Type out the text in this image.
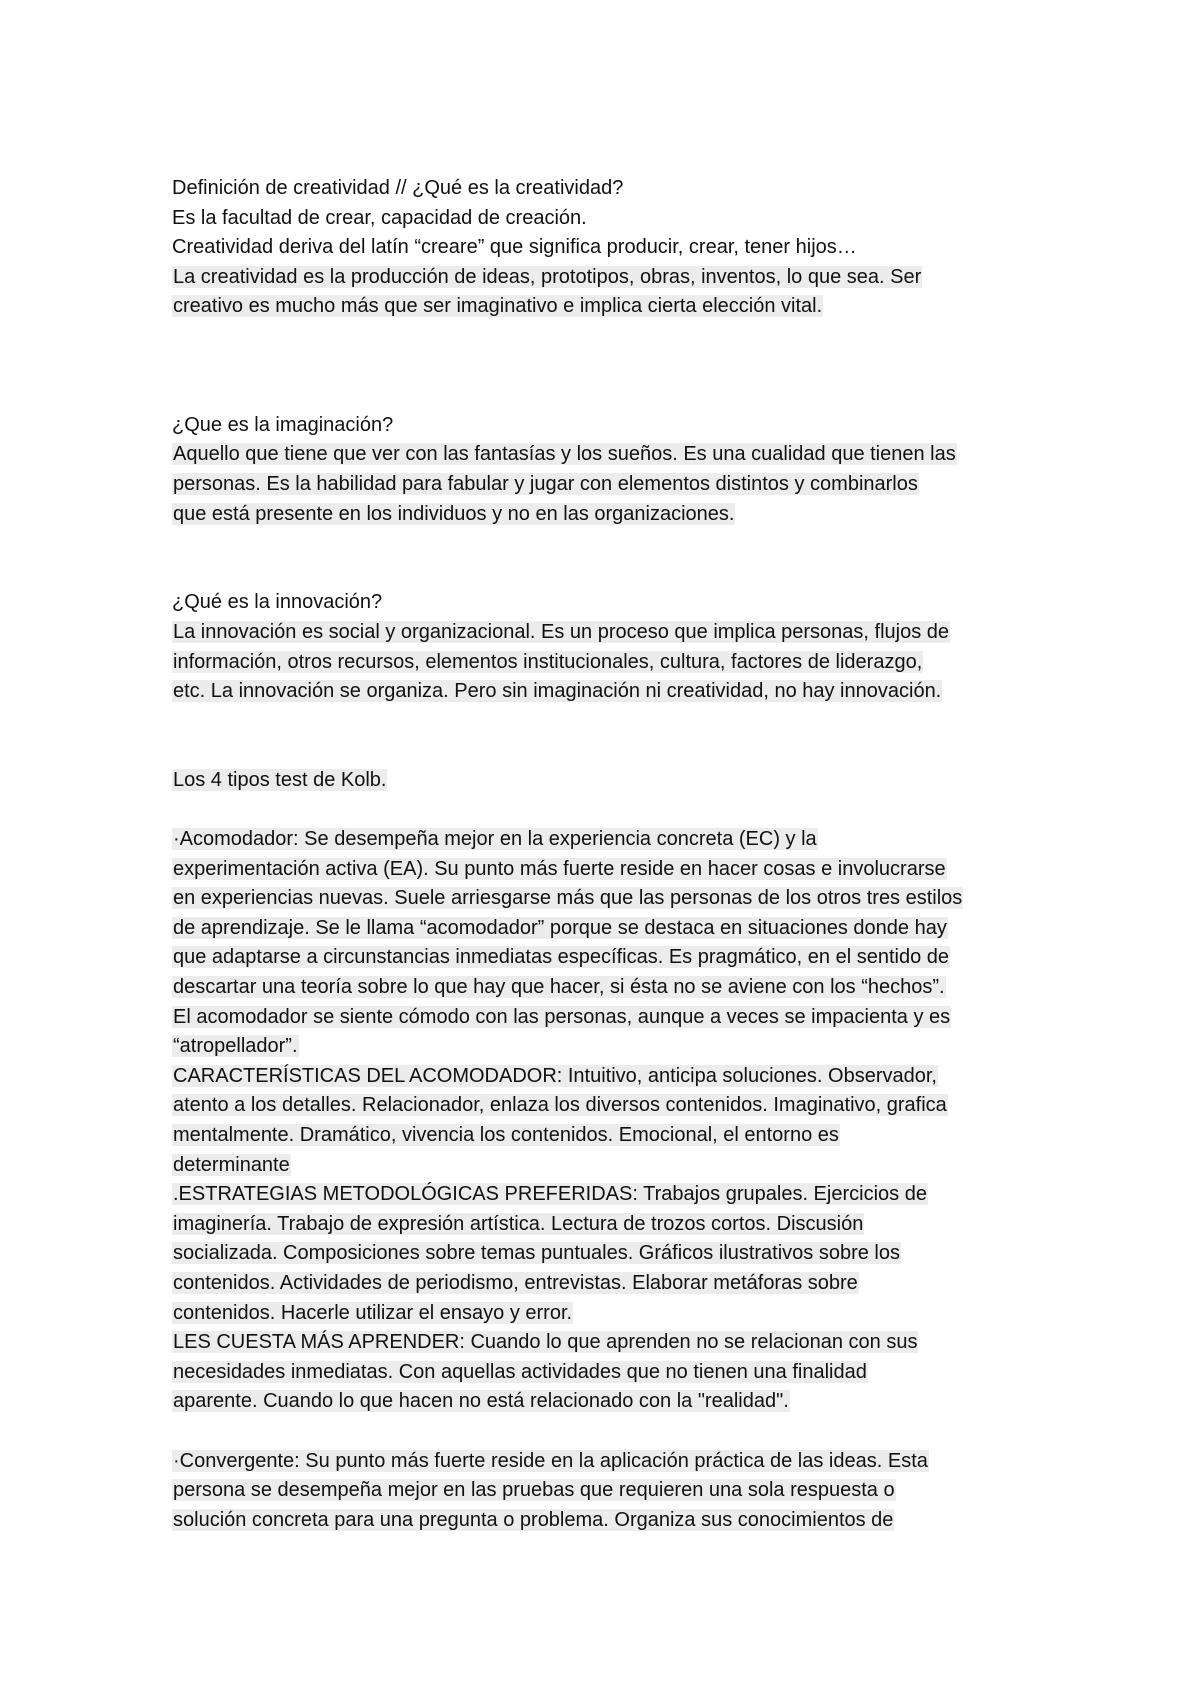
Definición de creatividad // ¿Qué es la creatividad?
Es la facultad de crear, capacidad de creación.
Creatividad deriva del latín “creare” que significa producir, crear, tener hijos…
La creatividad es la producción de ideas, prototipos, obras, inventos, lo que sea. Ser
creativo es mucho más que ser imaginativo e implica cierta elección vital.
¿Que es la imaginación?
Aquello que tiene que ver con las fantasías y los sueños. Es una cualidad que tienen las
personas. Es la habilidad para fabular y jugar con elementos distintos y combinarlos
que está presente en los individuos y no en las organizaciones.
¿Qué es la innovación?
La innovación es social y organizacional. Es un proceso que implica personas, flujos de
información, otros recursos, elementos institucionales, cultura, factores de liderazgo,
etc. La innovación se organiza. Pero sin imaginación ni creatividad, no hay innovación.
Los 4 tipos test de Kolb.
·Acomodador: Se desempeña mejor en la experiencia concreta (EC) y la
experimentación activa (EA). Su punto más fuerte reside en hacer cosas e involucrarse
en experiencias nuevas. Suele arriesgarse más que las personas de los otros tres estilos
de aprendizaje. Se le llama “acomodador” porque se destaca en situaciones donde hay
que adaptarse a circunstancias inmediatas específicas. Es pragmático, en el sentido de
descartar una teoría sobre lo que hay que hacer, si ésta no se aviene con los “hechos”.
El acomodador se siente cómodo con las personas, aunque a veces se impacienta y es
“atropellador”.
CARACTERÍSTICAS DEL ACOMODADOR: Intuitivo, anticipa soluciones. Observador,
atento a los detalles. Relacionador, enlaza los diversos contenidos. Imaginativo, grafica
mentalmente. Dramático, vivencia los contenidos. Emocional, el entorno es
determinante
.ESTRATEGIAS METODOLÓGICAS PREFERIDAS: Trabajos grupales. Ejercicios de
imaginería. Trabajo de expresión artística. Lectura de trozos cortos. Discusión
socializada. Composiciones sobre temas puntuales. Gráficos ilustrativos sobre los
contenidos. Actividades de periodismo, entrevistas. Elaborar metáforas sobre
contenidos. Hacerle utilizar el ensayo y error.
LES CUESTA MÁS APRENDER: Cuando lo que aprenden no se relacionan con sus
necesidades inmediatas. Con aquellas actividades que no tienen una finalidad
aparente. Cuando lo que hacen no está relacionado con la "realidad".
·Convergente: Su punto más fuerte reside en la aplicación práctica de las ideas. Esta
persona se desempeña mejor en las pruebas que requieren una sola respuesta o
solución concreta para una pregunta o problema. Organiza sus conocimientos de
